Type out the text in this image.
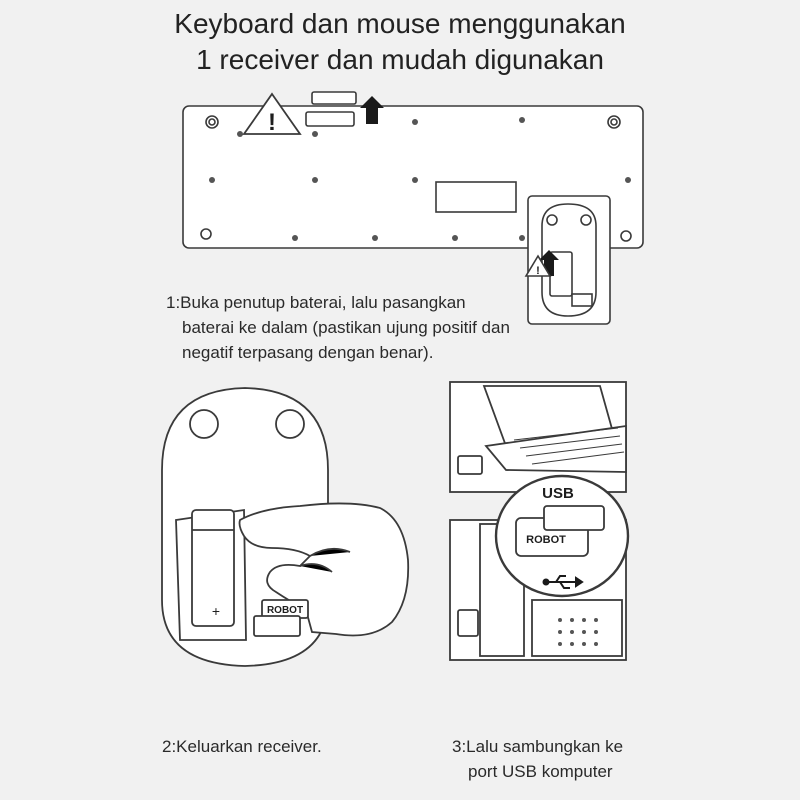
Keyboard dan mouse menggunakan
1 receiver dan mudah digunakan
!
!
+	ROBOT
USB
ROBOT
1:Buka penutup baterai, lalu pasangkan
baterai ke dalam (pastikan ujung positif dan
negatif terpasang dengan benar).
2:Keluarkan receiver.	3:Lalu sambungkan ke
port USB komputer
